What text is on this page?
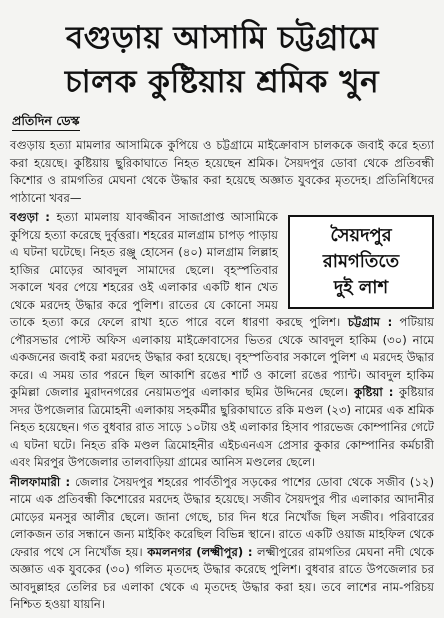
বগুড়ায় আসামি চট্টগ্রামে
চালক কুষ্টিয়ায় শ্রমিক খুন
প্রতিদিন ডেস্ক

বগুড়ায় হত্যা মামলার আসামিকে কুপিয়ে ও চট্টগ্রামে মাইক্রোবাস চালককে জবাই করে হত্যা করা হয়েছে। কুষ্টিয়ায় ছুরিকাঘাতে নিহত হয়েছেন শ্রমিক। সৈয়দপুর ডোবা থেকে প্রতিবন্ধী কিশোর ও রামগতির মেঘনা থেকে উদ্ধার করা হয়েছে অজ্ঞাত যুবকের মৃতদেহ। প্রতিনিধিদের পাঠানো খবর—

সৈয়দপুর রামগতিতে
দুই লাশ

বগুড়া : হত্যা মামলায় যাবজ্জীবন সাজাপ্রাপ্ত আসামিকে কুপিয়ে হত্যা করেছে দুর্বৃত্তরা। শহরের মালগ্রাম চাপড় পাড়ায় এ ঘটনা ঘটেছে। নিহত রঞ্জু হোসেন (৪০) মালগ্রাম লিল্লাহ হাজির মোড়ের আবদুল সামাদের ছেলে। বৃহস্পতিবার সকালে খবর পেয়ে শহরের ওই এলাকার একটি ধান খেত থেকে মরদেহ উদ্ধার করে পুলিশ। রাতের যে কোনো সময় তাকে হত্যা করে ফেলে রাখা হতে পারে বলে ধারণা করছে পুলিশ। চট্টগ্রাম : পটিয়ায় পৌরসভার পোস্ট অফিস এলাকায় মাইক্রোবাসের ভিতর থেকে আবদুল হাকিম (৩০) নামে একজনের জবাই করা মরদেহ উদ্ধার করা হয়েছে। বৃহস্পতিবার সকালে পুলিশ এ মরদেহ উদ্ধার করে। এ সময় তার পরনে ছিল আকাশি রঙের শার্ট ও কালো রঙের প্যান্ট। আবদুল হাকিম কুমিল্লা জেলার মুরাদনগরের নেয়ামতপুর এলাকার ছমির উদ্দিনের ছেলে। কুষ্টিয়া : কুষ্টিয়ার সদর উপজেলার ত্রিমোহনী এলাকায় সহকর্মীর ছুরিকাঘাতে রকি মণ্ডল (২৩) নামের এক শ্রমিক নিহত হয়েছেন। গত বুধবার রাত সাড়ে ১০টায় ওই এলাকার হিসাব পারভেজ কোম্পানির গেটে এ ঘটনা ঘটে। নিহত রকি মণ্ডল ত্রিমোহনীর এইচএনএস প্রেসার কুকার কোম্পানির কর্মচারী এবং মিরপুর উপজেলার তালবাড়িয়া গ্রামের আনিস মণ্ডলের ছেলে।

নীলফামারী : জেলার সৈয়দপুর শহরের পার্বতীপুর সড়কের পাশের ডোবা থেকে সজীব (১২) নামে এক প্রতিবন্ধী কিশোরের মরদেহ উদ্ধার হয়েছে। সজীব সৈয়দপুর পীর এলাকার আদানীর মোড়ের মনসুর আলীর ছেলে। জানা গেছে, চার দিন ধরে নিখোঁজ ছিল সজীব। পরিবারের লোকজন তার সন্ধানে জন্য মাইকিং করেছিল বিভিন্ন স্থানে। রাতে একটি ওয়াজ মাহফিল থেকে ফেরার পথে সে নিখোঁজ হয়। কমলনগর (লক্ষ্মীপুর) : লক্ষ্মীপুরের রামগতির মেঘনা নদী থেকে অজ্ঞাত এক যুবকের (৩০) গলিত মৃতদেহ উদ্ধার করেছে পুলিশ। বুধবার রাতে উপজেলার চর আবদুল্লাহর তেলির চর এলাকা থেকে এ মৃতদেহ উদ্ধার করা হয়। তবে লাশের নাম-পরিচয় নিশ্চিত হওয়া যায়নি।
